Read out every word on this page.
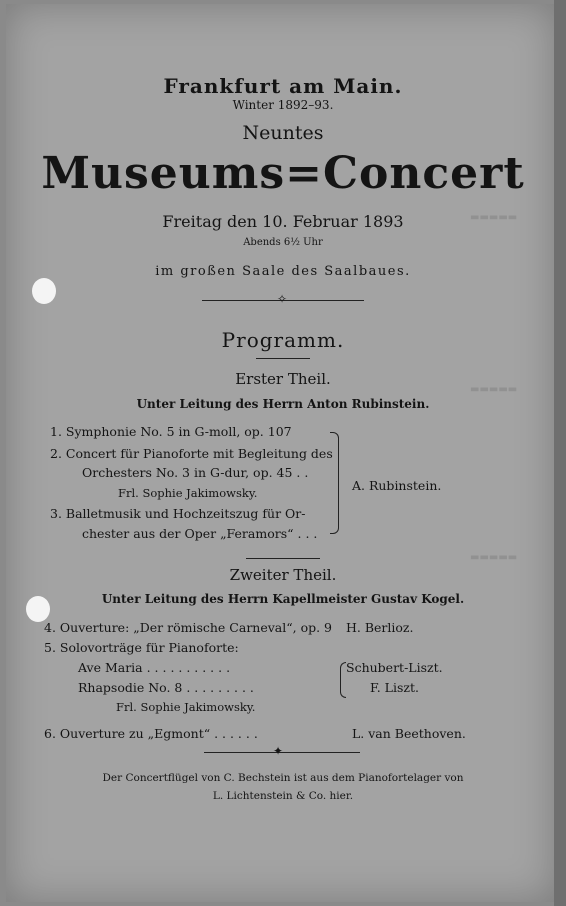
▬▬▬▬▬
▬▬▬▬▬
▬▬▬▬▬
Frankfurt am Main.
Winter 1892–93.
Neuntes
Museums=Concert
Freitag den 10. Februar 1893
Abends 6½ Uhr
im großen Saale des Saalbaues.
✧
Programm.
Erster Theil.
Unter Leitung des Herrn Anton Rubinstein.
1. Symphonie No. 5 in G-moll, op. 107
2. Concert für Pianoforte mit Begleitung des
Orchesters No. 3 in G-dur, op. 45 . .
Frl. Sophie Jakimowsky.
3. Balletmusik und Hochzeitszug für Or-
chester aus der Oper „Feramors“ . . .
A. Rubinstein.
Zweiter Theil.
Unter Leitung des Herrn Kapellmeister Gustav Kogel.
4. Ouverture: „Der römische Carneval“, op. 9 H. Berlioz.
5. Solovorträge für Pianoforte:
Ave Maria . . . . . . . . . . .	Schubert-Liszt.
Rhapsodie No. 8 . . . . . . . . .	F. Liszt.
Frl. Sophie Jakimowsky.
6. Ouverture zu „Egmont“ . . . . . .	L. van Beethoven.
✦
Der Concertflügel von C. Bechstein ist aus dem Pianofortelager von
L. Lichtenstein & Co. hier.
